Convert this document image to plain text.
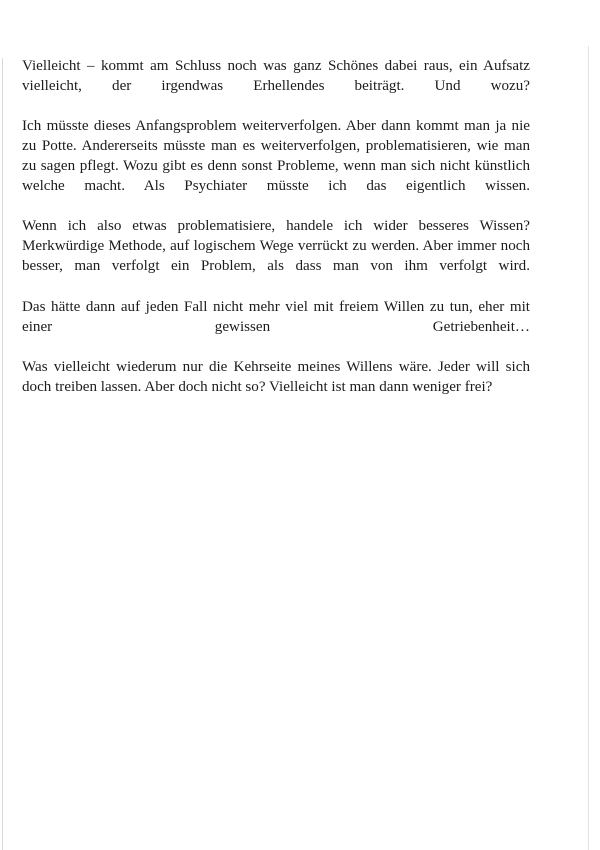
Vielleicht – kommt am Schluss noch was ganz Schönes dabei raus, ein Aufsatz vielleicht, der irgendwas Erhellendes beiträgt. Und wozu?

Ich müsste dieses Anfangsproblem weiterverfolgen. Aber dann kommt man ja nie zu Potte. Andererseits müsste man es weiterverfolgen, problematisieren, wie man zu sagen pflegt. Wozu gibt es denn sonst Probleme, wenn man sich nicht künstlich welche macht. Als Psychiater müsste ich das eigentlich wissen.

Wenn ich also etwas problematisiere, handele ich wider besseres Wissen? Merkwürdige Methode, auf logischem Wege verrückt zu werden. Aber immer noch besser, man verfolgt ein Problem, als dass man von ihm verfolgt wird.

Das hätte dann auf jeden Fall nicht mehr viel mit freiem Willen zu tun, eher mit einer gewissen Getriebenheit…

Was vielleicht wiederum nur die Kehrseite meines Willens wäre. Jeder will sich doch treiben lassen. Aber doch nicht so? Vielleicht ist man dann weniger frei?
